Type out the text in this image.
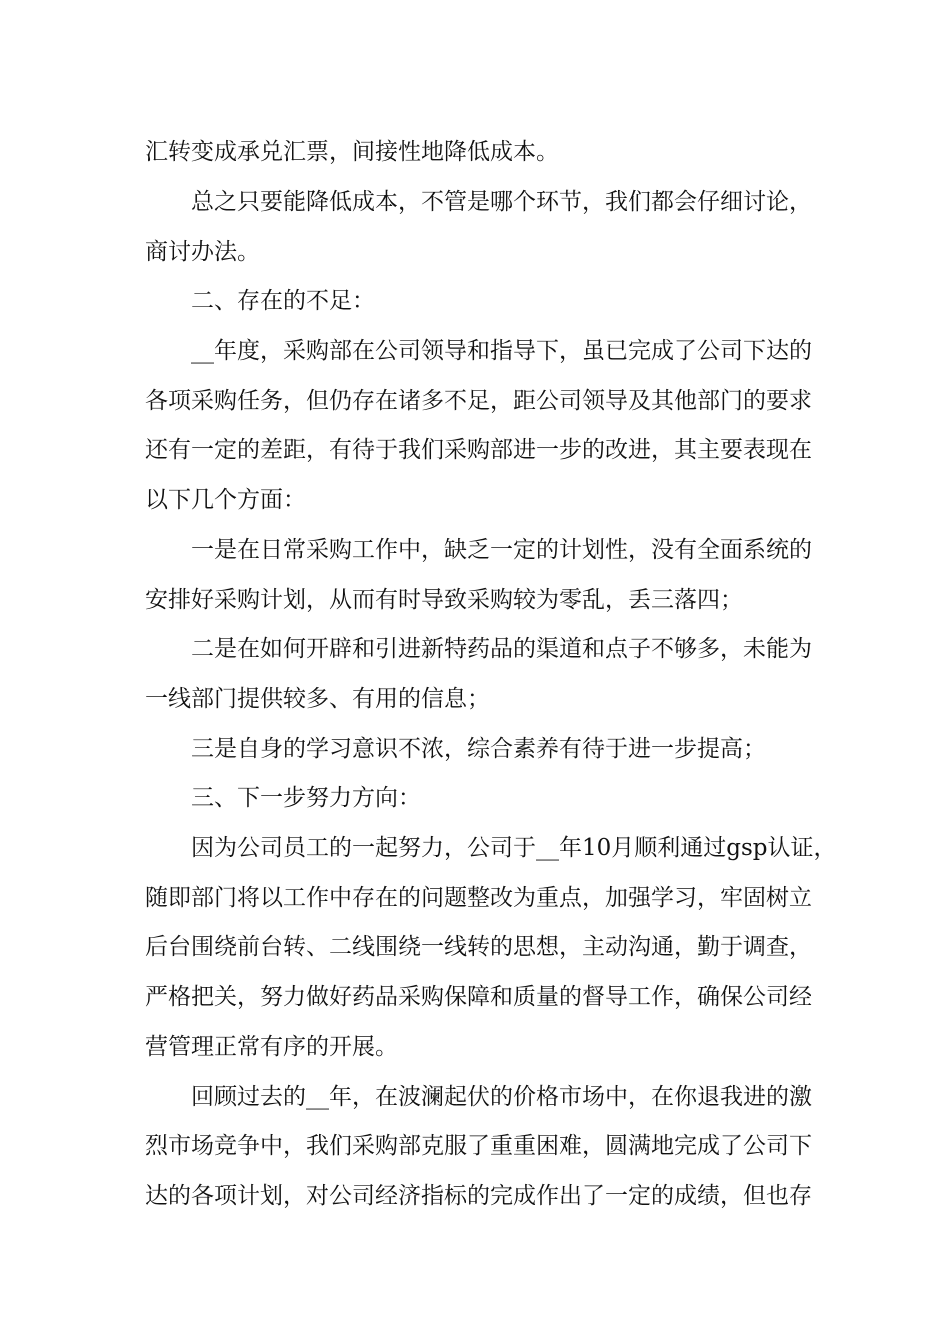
汇转变成承兑汇票，间接性地降低成本。
　　总之只要能降低成本，不管是哪个环节，我们都会仔细讨论，
商讨办法。
　　二、存在的不足：
　　__年度，采购部在公司领导和指导下，虽已完成了公司下达的
各项采购任务，但仍存在诸多不足，距公司领导及其他部门的要求
还有一定的差距，有待于我们采购部进一步的改进，其主要表现在
以下几个方面：
　　一是在日常采购工作中，缺乏一定的计划性，没有全面系统的
安排好采购计划，从而有时导致采购较为零乱，丢三落四；
　　二是在如何开辟和引进新特药品的渠道和点子不够多，未能为
一线部门提供较多、有用的信息；
　　三是自身的学习意识不浓，综合素养有待于进一步提高；
　　三、下一步努力方向：
　　因为公司员工的一起努力，公司于__年10月顺利通过gsp认证，
随即部门将以工作中存在的问题整改为重点，加强学习，牢固树立
后台围绕前台转、二线围绕一线转的思想，主动沟通，勤于调查，
严格把关，努力做好药品采购保障和质量的督导工作，确保公司经
营管理正常有序的开展。
　　回顾过去的__年，在波澜起伏的价格市场中，在你退我进的激
烈市场竞争中，我们采购部克服了重重困难，圆满地完成了公司下
达的各项计划，对公司经济指标的完成作出了一定的成绩，但也存
